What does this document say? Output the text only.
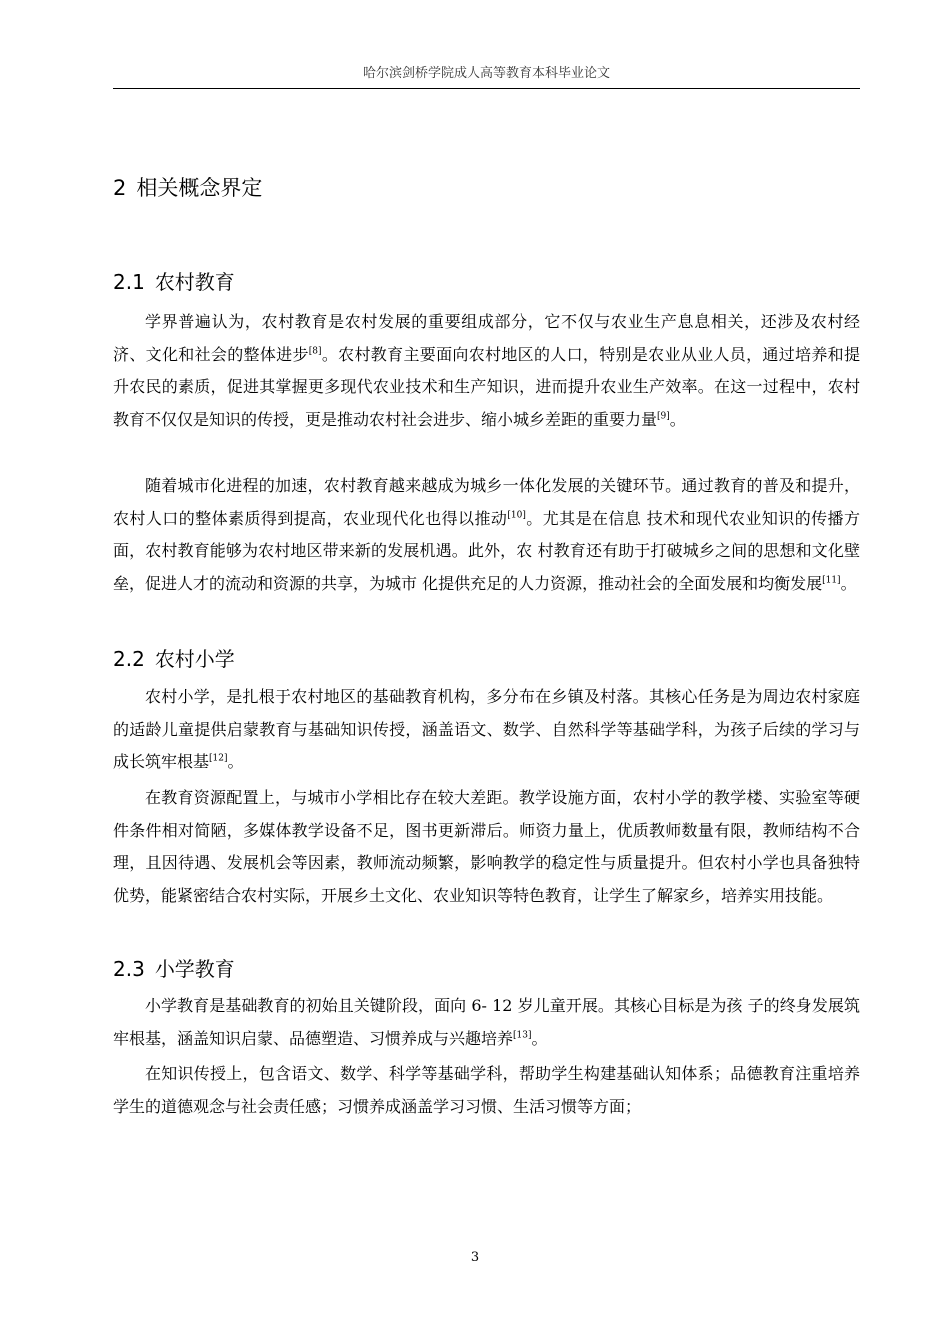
哈尔滨剑桥学院成人高等教育本科毕业论文
2 相关概念界定
2.1 农村教育

学界普遍认为，农村教育是农村发展的重要组成部分，它不仅与农业生产息息相关，还涉及农村经济、文化和社会的整体进步[8]。农村教育主要面向农村地区的人口，特别是农业从业人员，通过培养和提升农民的素质，促进其掌握更多现代农业技术和生产知识，进而提升农业生产效率。在这一过程中，农村教育不仅仅是知识的传授，更是推动农村社会进步、缩小城乡差距的重要力量[9]。

随着城市化进程的加速，农村教育越来越成为城乡一体化发展的关键环节。通过教育的普及和提升，农村人口的整体素质得到提高，农业现代化也得以推动[10]。尤其是在信息 技术和现代农业知识的传播方面，农村教育能够为农村地区带来新的发展机遇。此外，农 村教育还有助于打破城乡之间的思想和文化壁垒，促进人才的流动和资源的共享，为城市 化提供充足的人力资源，推动社会的全面发展和均衡发展[11]。

2.2 农村小学

农村小学，是扎根于农村地区的基础教育机构，多分布在乡镇及村落。其核心任务是为周边农村家庭的适龄儿童提供启蒙教育与基础知识传授，涵盖语文、数学、自然科学等基础学科，为孩子后续的学习与成长筑牢根基[12]。

在教育资源配置上，与城市小学相比存在较大差距。教学设施方面，农村小学的教学楼、实验室等硬件条件相对简陋，多媒体教学设备不足，图书更新滞后。师资力量上，优质教师数量有限，教师结构不合理，且因待遇、发展机会等因素，教师流动频繁，影响教学的稳定性与质量提升。但农村小学也具备独特优势，能紧密结合农村实际，开展乡土文化、农业知识等特色教育，让学生了解家乡，培养实用技能。

2.3 小学教育

小学教育是基础教育的初始且关键阶段，面向 6- 12 岁儿童开展。其核心目标是为孩 子的终身发展筑牢根基，涵盖知识启蒙、品德塑造、习惯养成与兴趣培养[13]。

在知识传授上，包含语文、数学、科学等基础学科，帮助学生构建基础认知体系；品德教育注重培养学生的道德观念与社会责任感；习惯养成涵盖学习习惯、生活习惯等方面；

3
